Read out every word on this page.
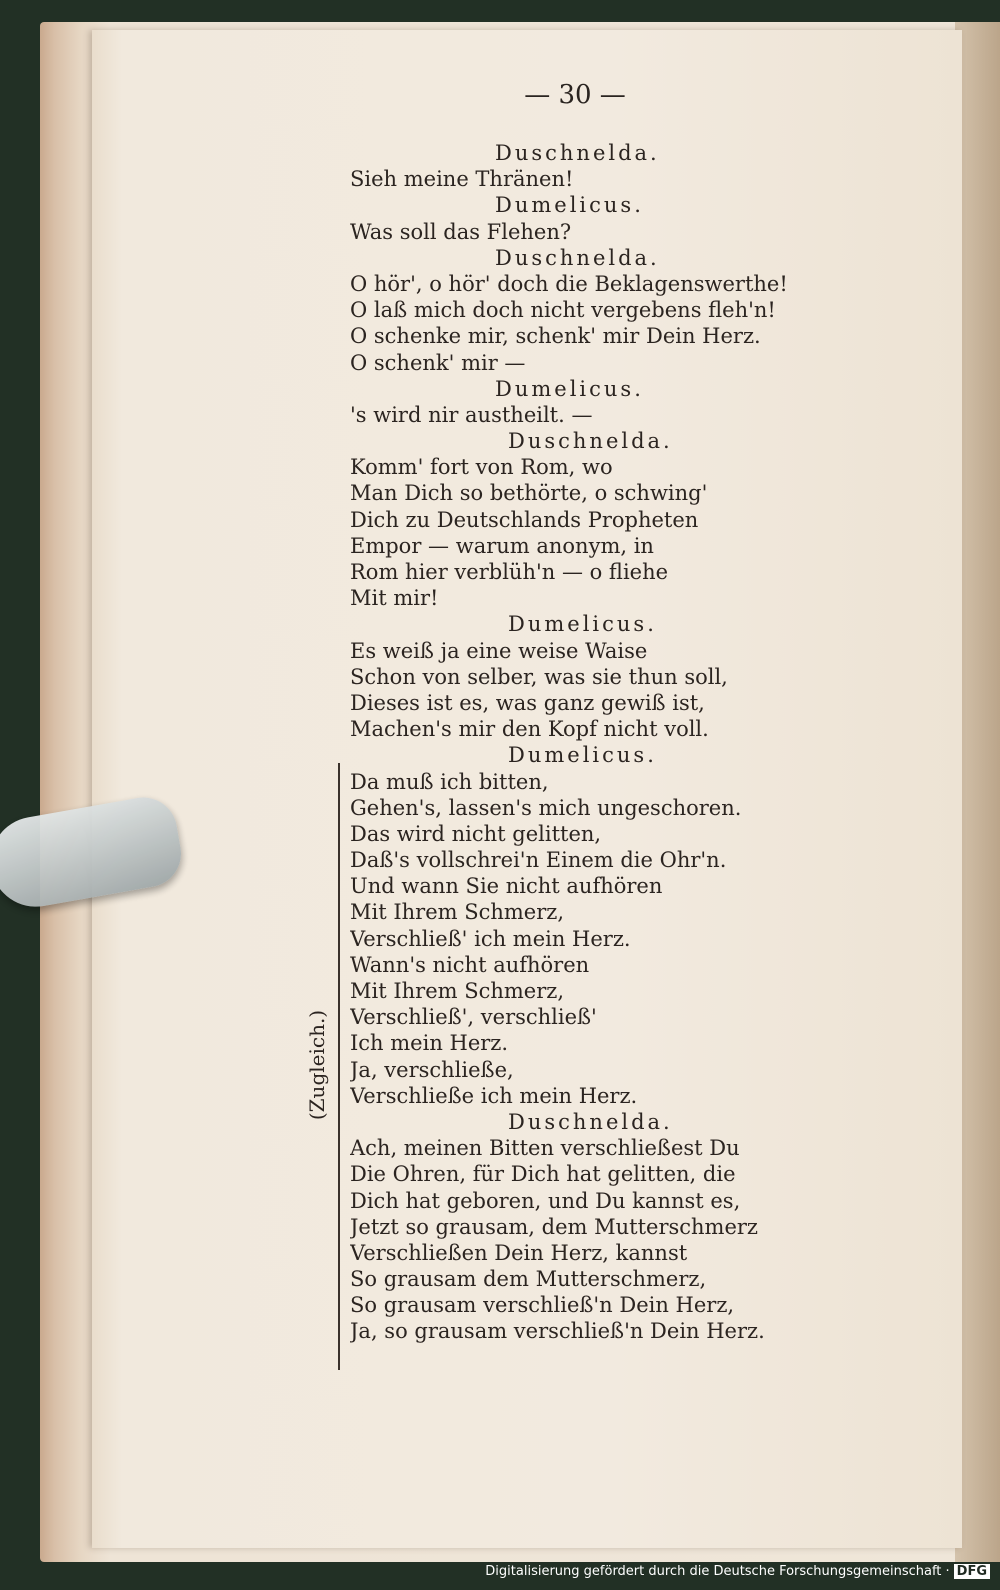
— 30 —
Duschnelda.
Sieh meine Thränen!
Dumelicus.
Was soll das Flehen?
Duschnelda.
O hör', o hör' doch die Beklagenswerthe!
O laß mich doch nicht vergebens fleh'n!
O schenke mir, schenk' mir Dein Herz.
O schenk' mir —
Dumelicus.
's wird nir austheilt. —
Duschnelda.
Komm' fort von Rom, wo
Man Dich so bethörte, o schwing'
Dich zu Deutschlands Propheten
Empor — warum anonym, in
Rom hier verblüh'n — o fliehe
Mit mir!
Dumelicus.
Es weiß ja eine weise Waise
Schon von selber, was sie thun soll,
Dieses ist es, was ganz gewiß ist,
Machen's mir den Kopf nicht voll.
Dumelicus.
Da muß ich bitten,
Gehen's, lassen's mich ungeschoren.
Das wird nicht gelitten,
Daß's vollschrei'n Einem die Ohr'n.
Und wann Sie nicht aufhören
Mit Ihrem Schmerz,
Verschließ' ich mein Herz.
Wann's nicht aufhören
Mit Ihrem Schmerz,
Verschließ', verschließ'
Ich mein Herz.
Ja, verschließe,
Verschließe ich mein Herz.
Duschnelda.
Ach, meinen Bitten verschließest Du
Die Ohren, für Dich hat gelitten, die
Dich hat geboren, und Du kannst es,
Jetzt so grausam, dem Mutterschmerz
Verschließen Dein Herz, kannst
So grausam dem Mutterschmerz,
So grausam verschließ'n Dein Herz,
Ja, so grausam verschließ'n Dein Herz.
(Zugleich.)
Digitalisierung gefördert durch die Deutsche Forschungsgemeinschaft · DFG
